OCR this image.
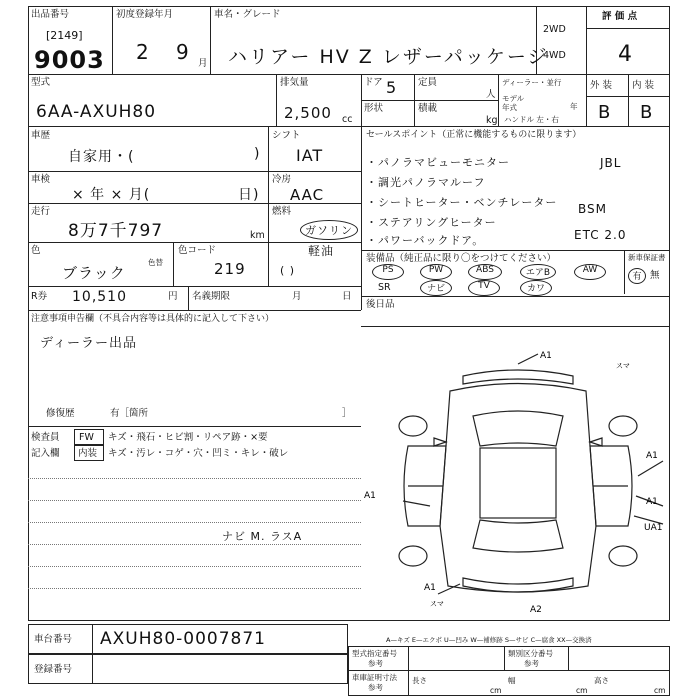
出品番号
[2149]
9003
初度登録年月
2 9 月
車名・グレード
ハリアー HV Z レザーパッケージ
2WD
4WD
評 価 点
4
外 装 内 装
B B
型式
6AA-AXUH80
排気量
2,500 cc
ドア 5 定員
人
ディーラー・並行
形状	積載
kg
モデル 年式	年
ハンドル 左・右
車歴
自家用・(	)
シフト
IAT
車検
× 年 × 月(	日)
冷房
AAC
走行
8万7千797	km
燃料
ガソリン
軽油
( )
色
ブラック
色替
色コード
219
R券 10,510	円 名義期限	月	日
注意事項申告欄（不具合内容等は具体的に記入して下さい）
ディーラー出品
修復歴	有［箇所	］
検査員
記入欄
FW
内装
キズ・飛石・ヒビ割・リペア跡・×要
キズ・汚レ・コゲ・穴・凹ミ・キレ・破レ
ナビ M. ラスA
セールスポイント（正常に機能するものに限ります）
・パノラマビューモニター
・調光パノラマルーフ
・シートヒーター・ベンチレーター
・ステアリングヒーター
・パワーバックドア。
JBL
BSM
ETC 2.0
装備品（純正品に限り〇をつけてください）	新車保証書
有 無
PS	PW	ABS	エアB	AW
SR	ナビ	TV	カワ
後日品
A1
A1
A1
A1
UA1
A1
A2
スマ
スマ
A—キズ E—エクボ U—凹み W—補修跡 S—サビ C—腐食 XX—交換済
車台番号 AXUH80-0007871
登録番号
型式指定番号
参考
類別区分番号
参考
車庫証明寸法
参考
長さ
cm
幅
cm
高さ
cm
